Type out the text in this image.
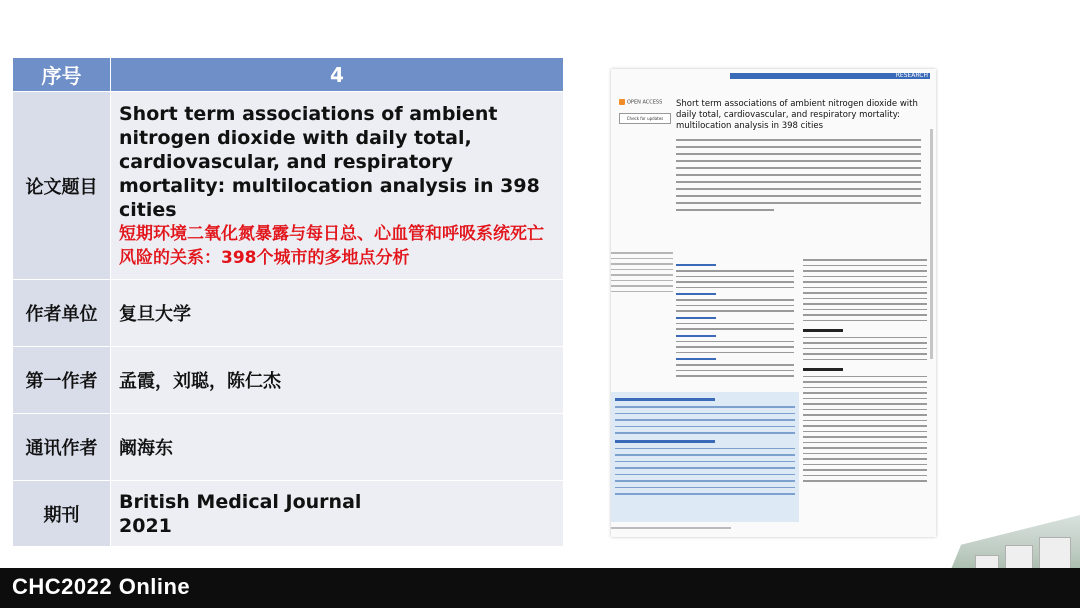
序号	4
论文题目	Short term associations of ambient nitrogen dioxide with daily total, cardiovascular, and respiratory mortality: multilocation analysis in 398 cities
短期环境二氧化氮暴露与每日总、心血管和呼吸系统死亡风险的关系：398个城市的多地点分析

作者单位	复旦大学
第一作者	孟霞，刘聪，陈仁杰
通讯作者	阚海东
期刊	British Medical Journal
2021
RESEARCH
OPEN ACCESS
Check for updates
Short term associations of ambient nitrogen dioxide with daily total, cardiovascular, and respiratory mortality: multilocation analysis in 398 cities
CHC2022 Online
